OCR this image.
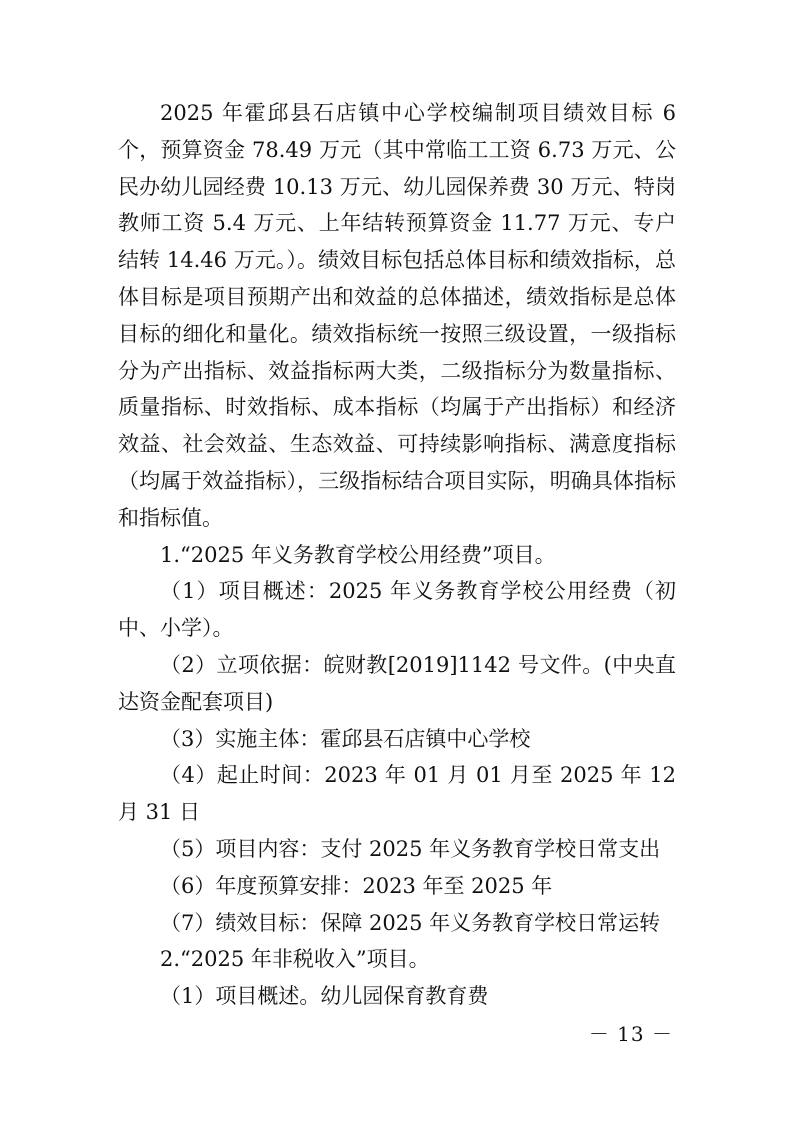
2025 年霍邱县石店镇中心学校编制项目绩效目标 6 个，预算资金 78.49 万元（其中常临工工资 6.73 万元、公民办幼儿园经费 10.13 万元、幼儿园保养费 30 万元、特岗教师工资 5.4 万元、上年结转预算资金 11.77 万元、专户结转 14.46 万元。）。绩效目标包括总体目标和绩效指标，总体目标是项目预期产出和效益的总体描述，绩效指标是总体目标的细化和量化。绩效指标统一按照三级设置，一级指标分为产出指标、效益指标两大类，二级指标分为数量指标、质量指标、时效指标、成本指标（均属于产出指标）和经济效益、社会效益、生态效益、可持续影响指标、满意度指标（均属于效益指标），三级指标结合项目实际，明确具体指标和指标值。

1.“2025 年义务教育学校公用经费”项目。

（1）项目概述：2025 年义务教育学校公用经费（初中、小学）。

（2）立项依据：皖财教[2019]1142 号文件。(中央直达资金配套项目)

（3）实施主体：霍邱县石店镇中心学校

（4）起止时间：2023 年 01 月 01 月至 2025 年 12 月 31 日

（5）项目内容：支付 2025 年义务教育学校日常支出

（6）年度预算安排：2023 年至 2025 年

（7）绩效目标：保障 2025 年义务教育学校日常运转

2.“2025 年非税收入”项目。

（1）项目概述。幼儿园保育教育费

－ 13 －
